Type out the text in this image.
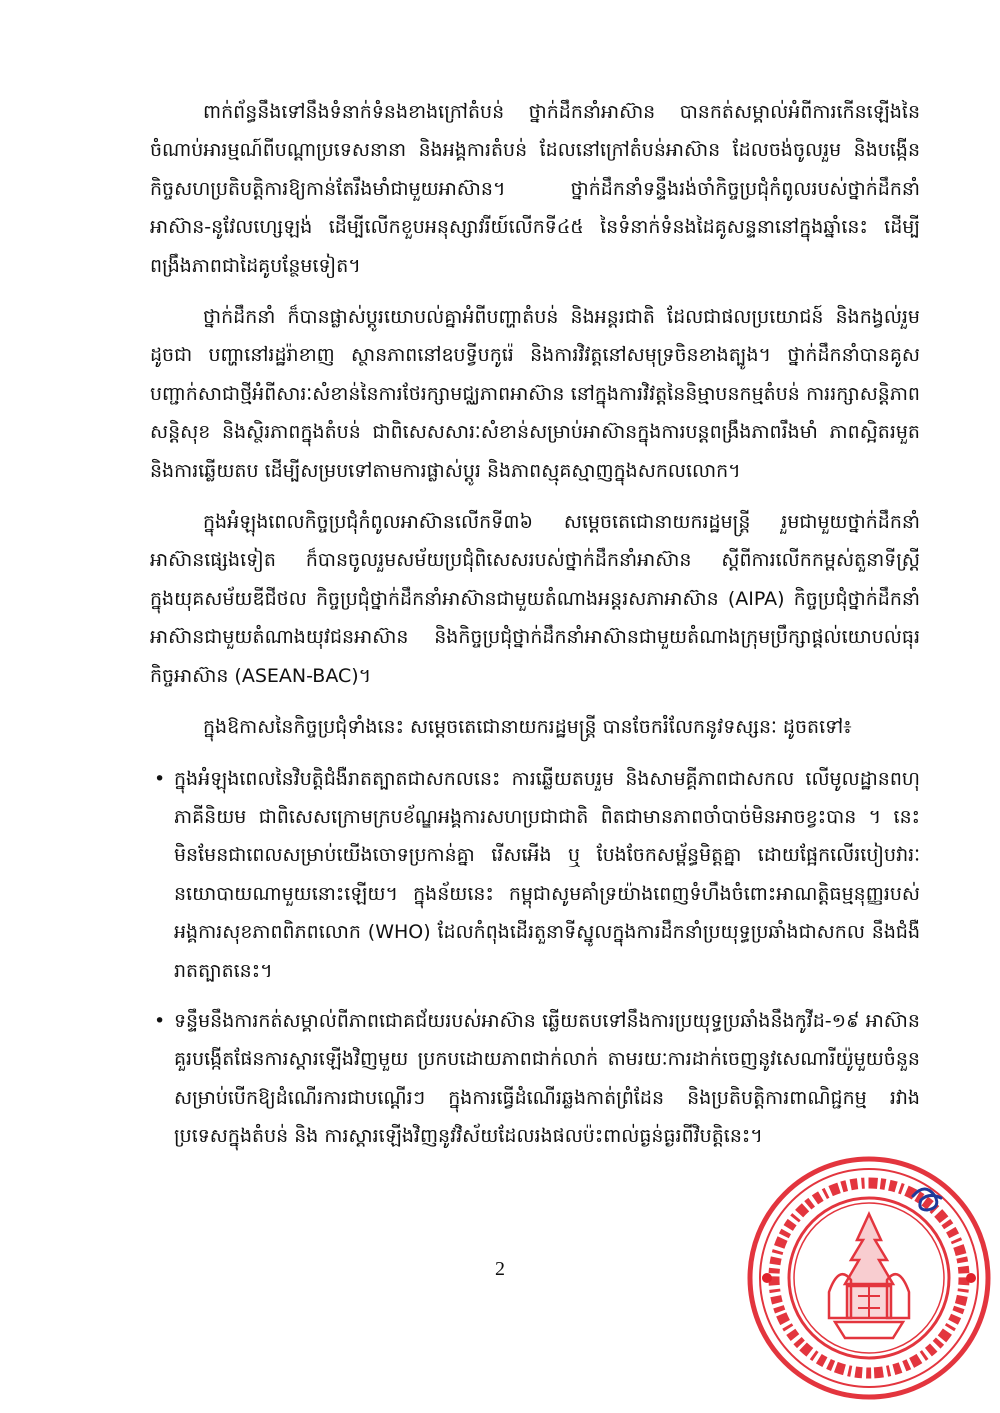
ពាក់ព័ន្ធនឹងទៅនឹងទំនាក់ទំនងខាងក្រៅតំបន់ ថ្នាក់ដឹកនាំអាស៊ាន បានកត់សម្គាល់អំពីការកើនឡើងនៃចំណាប់អារម្មណ៍ពីបណ្ដាប្រទេសនានា និងអង្គការតំបន់ ដែលនៅក្រៅតំបន់អាស៊ាន ដែលចង់ចូលរួម និងបង្កើនកិច្ចសហប្រតិបត្តិការឱ្យកាន់តែរឹងមាំជាមួយអាស៊ាន។ ថ្នាក់ដឹកនាំទន្ទឹងរង់ចាំកិច្ចប្រជុំកំពូលរបស់ថ្នាក់ដឹកនាំអាស៊ាន-នូវែលហ្សេឡង់ ដើម្បីលើកខួបអនុស្សាវរីយ៍លើកទី៤៥ នៃទំនាក់ទំនងដៃគូសន្ទនានៅក្នុងឆ្នាំនេះ ដើម្បីពង្រឹងភាពជាដៃគូបន្ថែមទៀត។

ថ្នាក់ដឹកនាំ ក៏បានផ្លាស់ប្ដូរយោបល់គ្នាអំពីបញ្ហាតំបន់ និងអន្តរជាតិ ដែលជាផលប្រយោជន៍ និងកង្វល់រួម ដូចជា បញ្ហានៅរដ្ឋរ៉ាខាញ ស្ថានភាពនៅឧបទ្វីបកូរ៉េ និងការវិវត្តនៅសមុទ្រចិនខាងត្បូង។ ថ្នាក់ដឹកនាំបានគូសបញ្ជាក់សាជាថ្មីអំពីសារៈសំខាន់នៃការថែរក្សាមជ្ឈភាពអាស៊ាន នៅក្នុងការវិវត្តនៃនិម្មាបនកម្មតំបន់ ការរក្សាសន្តិភាព សន្តិសុខ និងស្ថិរភាពក្នុងតំបន់ ជាពិសេសសារៈសំខាន់សម្រាប់អាស៊ានក្នុងការបន្តពង្រឹងភាពរឹងមាំ ភាពស្អិតរមួត និងការឆ្លើយតប ដើម្បីសម្របទៅតាមការផ្លាស់ប្ដូរ និងភាពស្មុគស្មាញក្នុងសកលលោក។

ក្នុងអំឡុងពេលកិច្ចប្រជុំកំពូលអាស៊ានលើកទី៣៦ សម្ដេចតេជោនាយករដ្ឋមន្ត្រី រួមជាមួយថ្នាក់ដឹកនាំអាស៊ានផ្សេងទៀត ក៏បានចូលរួមសម័យប្រជុំពិសេសរបស់ថ្នាក់ដឹកនាំអាស៊ាន ស្ដីពីការលើកកម្ពស់តួនាទីស្ត្រីក្នុងយុគសម័យឌីជីថល កិច្ចប្រជុំថ្នាក់ដឹកនាំអាស៊ានជាមួយតំណាងអន្តរសភាអាស៊ាន (AIPA) កិច្ចប្រជុំថ្នាក់ដឹកនាំអាស៊ានជាមួយតំណាងយុវជនអាស៊ាន និងកិច្ចប្រជុំថ្នាក់ដឹកនាំអាស៊ានជាមួយតំណាងក្រុមប្រឹក្សាផ្ដល់យោបល់ធុរកិច្ចអាស៊ាន (ASEAN-BAC)។

ក្នុងឱកាសនៃកិច្ចប្រជុំទាំងនេះ សម្ដេចតេជោនាយករដ្ឋមន្ត្រី បានចែករំលែកនូវទស្សនៈ ដូចតទៅ៖

• ក្នុងអំឡុងពេលនៃវិបត្តិជំងឺរាតត្បាតជាសកលនេះ ការឆ្លើយតបរួម និងសាមគ្គីភាពជាសកល លើមូលដ្ឋានពហុភាគីនិយម ជាពិសេសក្រោមក្របខ័ណ្ឌអង្គការសហប្រជាជាតិ ពិតជាមានភាពចាំបាច់មិនអាចខ្វះបាន ។ នេះមិនមែនជាពេលសម្រាប់យើងចោទប្រកាន់គ្នា រើសអើង ឬ បែងចែកសម្ព័ន្ធមិត្តគ្នា ដោយផ្អែកលើរបៀបវារៈនយោបាយណាមួយនោះឡើយ។ ក្នុងន័យនេះ កម្ពុជាសូមគាំទ្រយ៉ាងពេញទំហឹងចំពោះអាណត្តិធម្មនុញ្ញរបស់អង្គការសុខភាពពិភពលោក (WHO) ដែលកំពុងដើរតួនាទីស្នូលក្នុងការដឹកនាំប្រយុទ្ធប្រឆាំងជាសកល នឹងជំងឺរាតត្បាតនេះ។
• ទន្ទឹមនឹងការកត់សម្គាល់ពីភាពជោគជ័យរបស់អាស៊ាន ឆ្លើយតបទៅនឹងការប្រយុទ្ធប្រឆាំងនឹងកូវីដ-១៩ អាស៊ានគួរបង្កើតផែនការស្ដារឡើងវិញមួយ ប្រកបដោយភាពជាក់លាក់ តាមរយៈការដាក់ចេញនូវសេណារីយ៉ូមួយចំនួន សម្រាប់បើកឱ្យដំណើរការជាបណ្ដើរៗ ក្នុងការធ្វើដំណើរឆ្លងកាត់ព្រំដែន និងប្រតិបត្តិការពាណិជ្ជកម្ម រវាងប្រទេសក្នុងតំបន់ និង ការស្ដារឡើងវិញនូវវិស័យដែលរងផលប៉ះពាល់ធ្ងន់ធ្ងរពីវិបត្តិនេះ។
2
